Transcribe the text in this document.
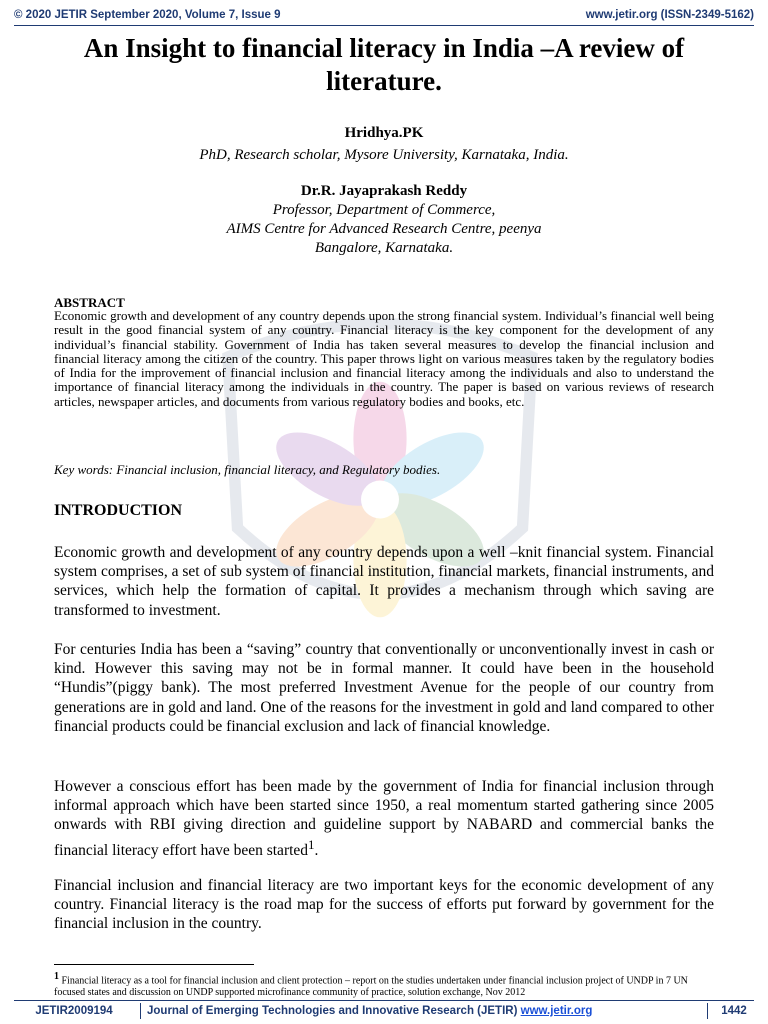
© 2020 JETIR September 2020, Volume 7, Issue 9	www.jetir.org (ISSN-2349-5162)
An Insight to financial literacy in India –A review of literature.
Hridhya.PK
PhD, Research scholar, Mysore University, Karnataka, India.
Dr.R. Jayaprakash Reddy
Professor, Department of Commerce,
AIMS Centre for Advanced Research Centre, peenya
Bangalore, Karnataka.
ABSTRACT
Economic growth and development of any country depends upon the strong financial system. Individual’s financial well being result in the good financial system of any country. Financial literacy is the key component for the development of any individual’s financial stability. Government of India has taken several measures to develop the financial inclusion and financial literacy among the citizen of the country. This paper throws light on various measures taken by the regulatory bodies of India for the improvement of financial inclusion and financial literacy among the individuals and also to understand the importance of financial literacy among the individuals in the country. The paper is based on various reviews of research articles, newspaper articles, and documents from various regulatory bodies and books, etc.
Key words: Financial inclusion, financial literacy, and Regulatory bodies.
INTRODUCTION
Economic growth and development of any country depends upon a well –knit financial system. Financial system comprises, a set of sub system of financial institution, financial markets, financial instruments, and services, which help the formation of capital. It provides a mechanism through which saving are transformed to investment.
For centuries India has been a “saving” country that conventionally or unconventionally invest in cash or kind. However this saving may not be in formal manner. It could have been in the household “Hundis”(piggy bank). The most preferred Investment Avenue for the people of our country from generations are in gold and land. One of the reasons for the investment in gold and land compared to other financial products could be financial exclusion and lack of financial knowledge.
However a conscious effort has been made by the government of India for financial inclusion through informal approach which have been started since 1950, a real momentum started gathering since 2005 onwards with RBI giving direction and guideline support by NABARD and commercial banks the financial literacy effort have been started$^1$.
Financial inclusion and financial literacy are two important keys for the economic development of any country. Financial literacy is the road map for the success of efforts put forward by government for the financial inclusion in the country.
$^1$ Financial literacy as a tool for financial inclusion and client protection – report on the studies undertaken under financial inclusion project of UNDP in 7 UN focused states and discussion on UNDP supported microfinance community of practice, solution exchange, Nov 2012
JETIR2009194	Journal of Emerging Technologies and Innovative Research (JETIR) www.jetir.org	1442
